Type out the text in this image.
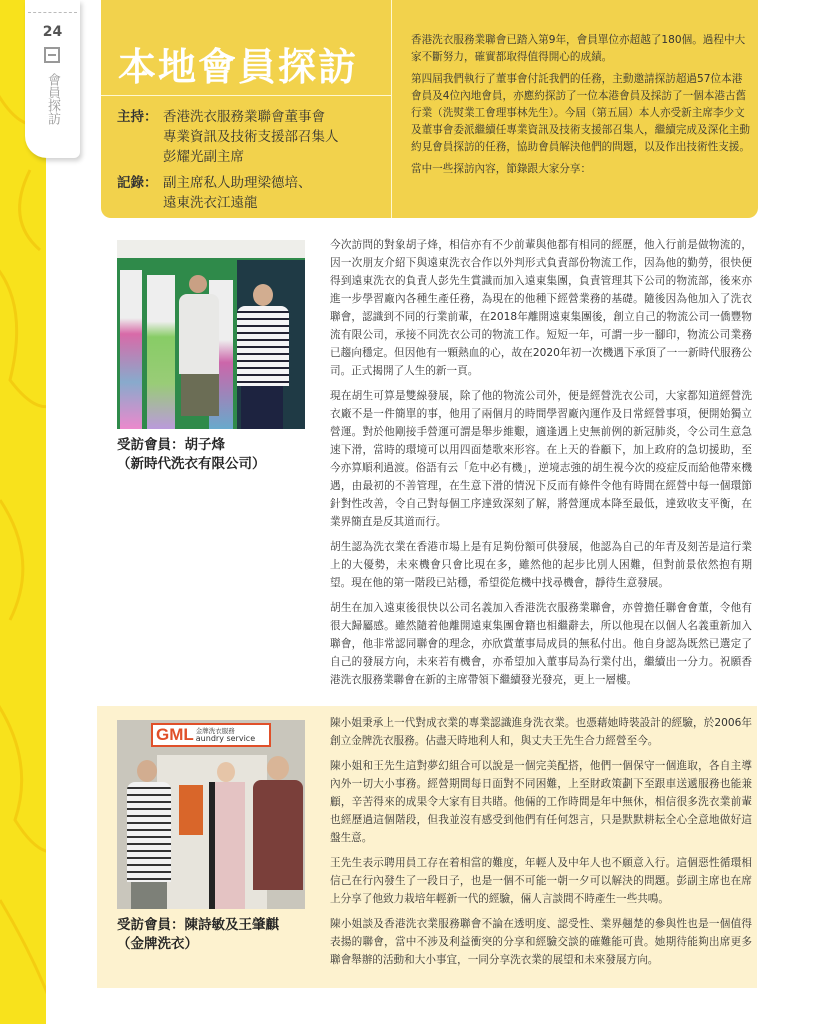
24
會員探訪
本地會員探訪
主持： 香港洗衣服務業聯會董事會
專業資訊及技術支援部召集人
彭耀光副主席
記錄： 副主席私人助理梁德培、
遠東洗衣江遠龍

香港洗衣服務業聯會已踏入第9年，會員單位亦超越了180個。過程中大家不斷努力，確實都取得值得開心的成績。

第四屆我們執行了董事會付託我們的任務，主動邀請探訪超過57位本港會員及4位內地會員，亦應約探訪了一位本港會員及採訪了一個本港古舊行業（洗熨業工會理事林先生）。今屆（第五屆）本人亦受新主席李少文及董事會委派繼續任專業資訊及技術支援部召集人，繼續完成及深化主動約見會員探訪的任務，協助會員解決他們的問題，以及作出技術性支援。

當中一些探訪內容，節錄跟大家分享：

受訪會員：胡子烽
（新時代洗衣有限公司）

今次訪問的對象胡子烽，相信亦有不少前輩與他都有相同的經歷，他入行前是做物流的，因一次朋友介紹下與遠東洗衣合作以外判形式負責部份物流工作，因為他的勤勞，很快便得到遠東洗衣的負責人彭先生賞識而加入遠東集團，負責管理其下公司的物流部，後來亦進一步學習廠內各種生產任務，為現在的他種下經營業務的基礎。隨後因為他加入了洗衣聯會，認識到不同的行業前輩，在2018年離開遠東集團後，創立自己的物流公司一僑豐物流有限公司，承接不同洗衣公司的物流工作。短短一年，可謂一步一腳印，物流公司業務已趨向穩定。但因他有一顆熱血的心，故在2020年初一次機遇下承頂了一一新時代服務公司。正式揭開了人生的新一頁。

現在胡生可算是雙線發展，除了他的物流公司外，便是經營洗衣公司，大家都知道經營洗衣廠不是一件簡單的事，他用了兩個月的時間學習廠內運作及日常經營事項，便開始獨立營運。對於他剛接手營運可謂是舉步維艱，適逢遇上史無前例的新冠肺炎，令公司生意急速下滑，當時的環境可以用四面楚歌來形容。在上天的眷顧下，加上政府的急切援助，至今亦算順利過渡。俗語有云「危中必有機」，逆境志強的胡生視今次的疫症反而給他帶來機遇，由最初的不善管理，在生意下滑的情況下反而有條件令他有時間在經營中每一個環節針對性改善，令自己對每個工序達致深刻了解，將營運成本降至最低，達致收支平衡，在業界簡直是反其道而行。

胡生認為洗衣業在香港市場上是有足夠份額可供發展，他認為自己的年青及刻苦是這行業上的大優勢，未來機會只會比現在多，雖然他的起步比別人困難，但對前景依然抱有期望。現在他的第一階段已站穩，希望從危機中找尋機會，靜待生意發展。

胡生在加入遠東後很快以公司名義加入香港洗衣服務業聯會，亦曾擔任聯會會董，令他有很大歸屬感。雖然隨着他離開遠東集團會籍也相繼辭去，所以他現在以個人名義重新加入聯會，他非常認同聯會的理念，亦欣賞董事局成員的無私付出。他自身認為既然已選定了自己的發展方向，未來若有機會，亦希望加入董事局為行業付出，繼續出一分力。祝願香港洗衣服務業聯會在新的主席帶領下繼續發光發亮，更上一層樓。

GML 金牌洗衣服務
aundry service
受訪會員：陳詩敏及王肇麒
（金牌洗衣）

陳小姐秉承上一代對成衣業的專業認識進身洗衣業。也憑藉她時裝設計的經驗，於2006年創立金牌洗衣服務。佔盡天時地利人和，與丈夫王先生合力經營至今。

陳小姐和王先生這對夢幻組合可以說是一個完美配搭，他們一個保守一個進取，各自主導內外一切大小事務。經營期間每日面對不同困難，上至財政策劃下至跟車送遞服務也能兼顧，辛苦得來的成果令大家有目共睹。他倆的工作時間是年中無休，相信很多洗衣業前輩也經歷過這個階段，但我並沒有感受到他們有任何怨言，只是默默耕耘全心全意地做好這盤生意。

王先生表示聘用員工存在着相當的難度，年輕人及中年人也不願意入行。這個惡性循環相信己在行內發生了一段日子，也是一個不可能一朝一夕可以解決的問題。彭副主席也在席上分享了他致力栽培年輕新一代的經驗，倆人言談間不時產生一些共鳴。

陳小姐談及香港洗衣業服務聯會不論在透明度、認受性、業界翹楚的參與性也是一個值得表揚的聯會，當中不涉及利益衝突的分享和經驗交談的確難能可貴。她期待能夠出席更多聯會舉辦的活動和大小事宜，一同分享洗衣業的展望和未來發展方向。
